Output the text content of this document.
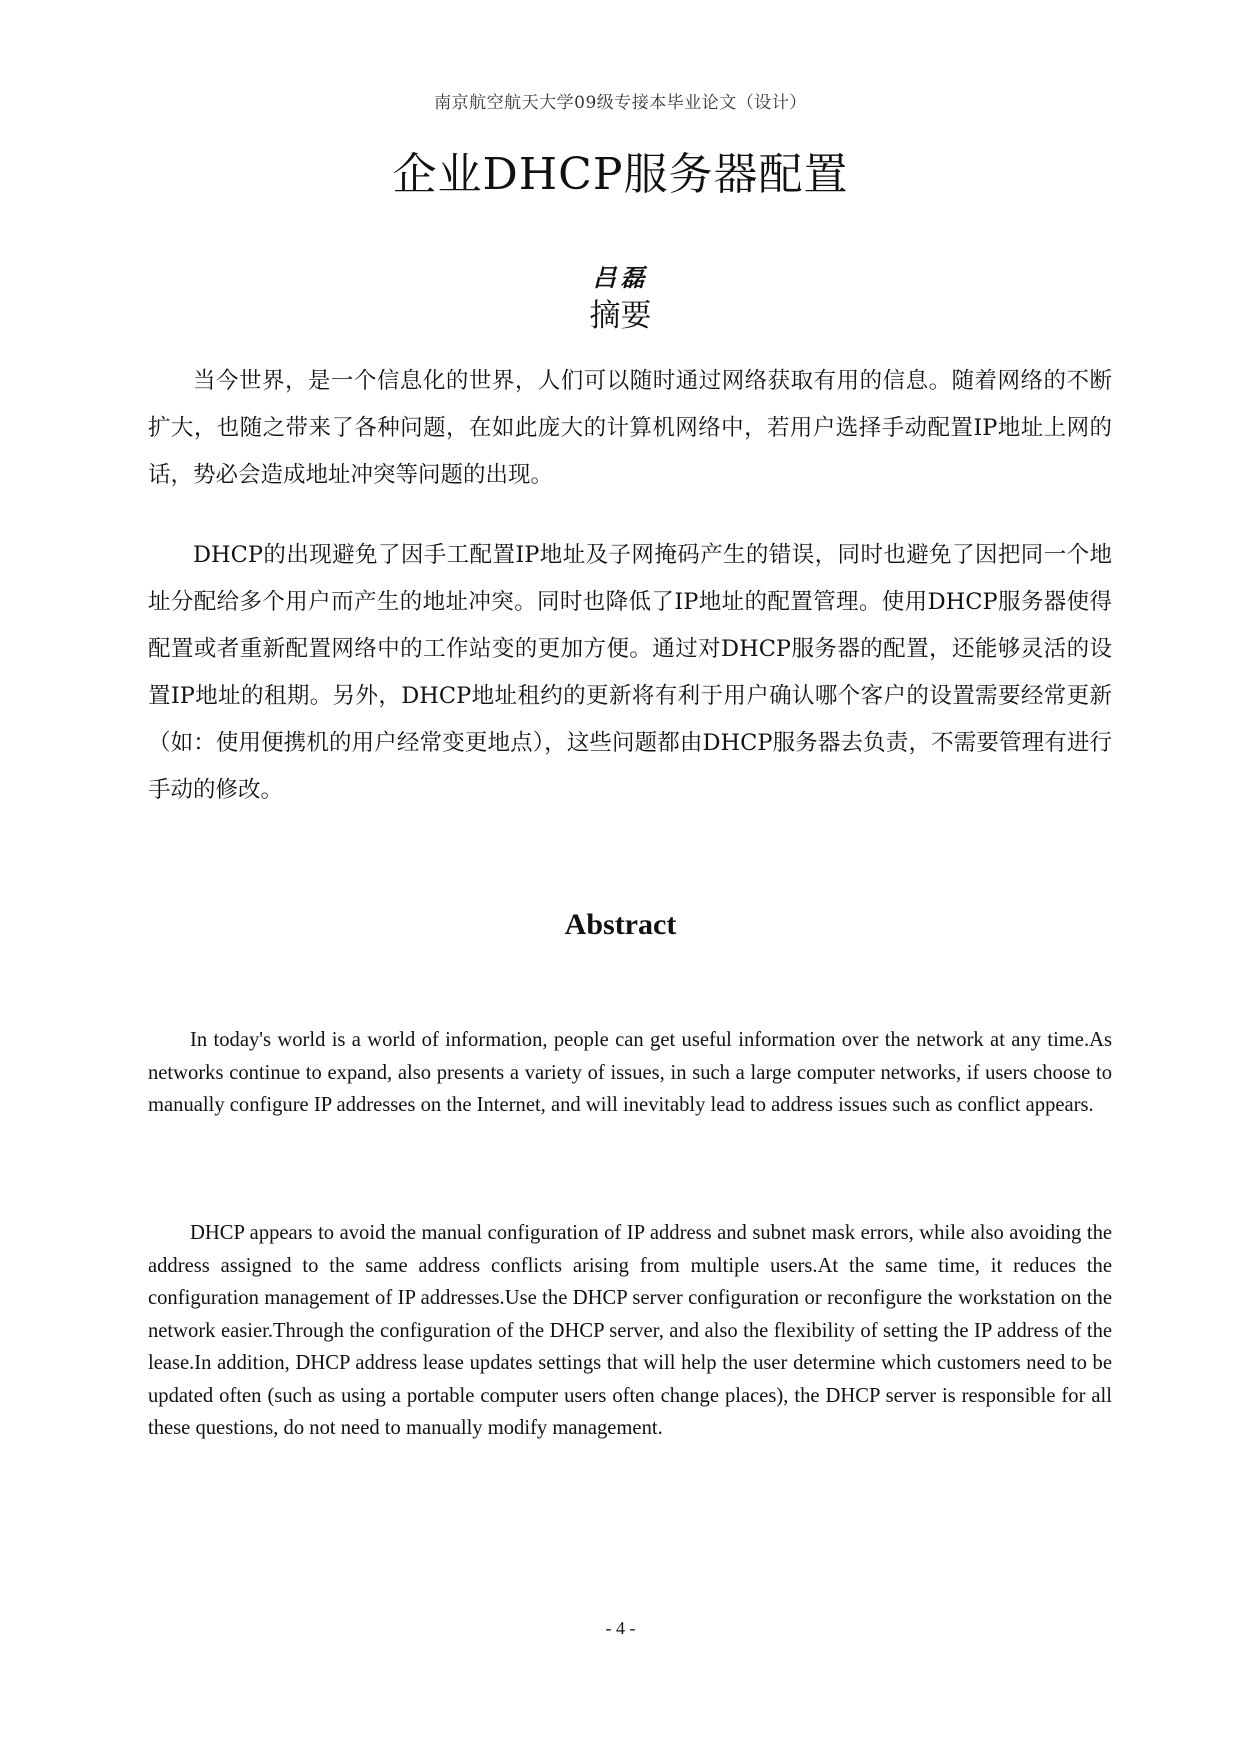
南京航空航天大学09级专接本毕业论文（设计）
企业DHCP服务器配置
吕磊
摘要

当今世界，是一个信息化的世界，人们可以随时通过网络获取有用的信息。随着网络的不断扩大，也随之带来了各种问题，在如此庞大的计算机网络中，若用户选择手动配置IP地址上网的话，势必会造成地址冲突等问题的出现。

DHCP的出现避免了因手工配置IP地址及子网掩码产生的错误，同时也避免了因把同一个地址分配给多个用户而产生的地址冲突。同时也降低了IP地址的配置管理。使用DHCP服务器使得配置或者重新配置网络中的工作站变的更加方便。通过对DHCP服务器的配置，还能够灵活的设置IP地址的租期。另外，DHCP地址租约的更新将有利于用户确认哪个客户的设置需要经常更新（如：使用便携机的用户经常变更地点），这些问题都由DHCP服务器去负责，不需要管理有进行手动的修改。

Abstract

In today's world is a world of information, people can get useful information over the network at any time.As networks continue to expand, also presents a variety of issues, in such a large computer networks, if users choose to manually configure IP addresses on the Internet, and will inevitably lead to address issues such as conflict appears.

DHCP appears to avoid the manual configuration of IP address and subnet mask errors, while also avoiding the address assigned to the same address conflicts arising from multiple users.At the same time, it reduces the configuration management of IP addresses.Use the DHCP server configuration or reconfigure the workstation on the network easier.Through the configuration of the DHCP server, and also the flexibility of setting the IP address of the lease.In addition, DHCP address lease updates settings that will help the user determine which customers need to be updated often (such as using a portable computer users often change places), the DHCP server is responsible for all these questions, do not need to manually modify management.

- 4 -
